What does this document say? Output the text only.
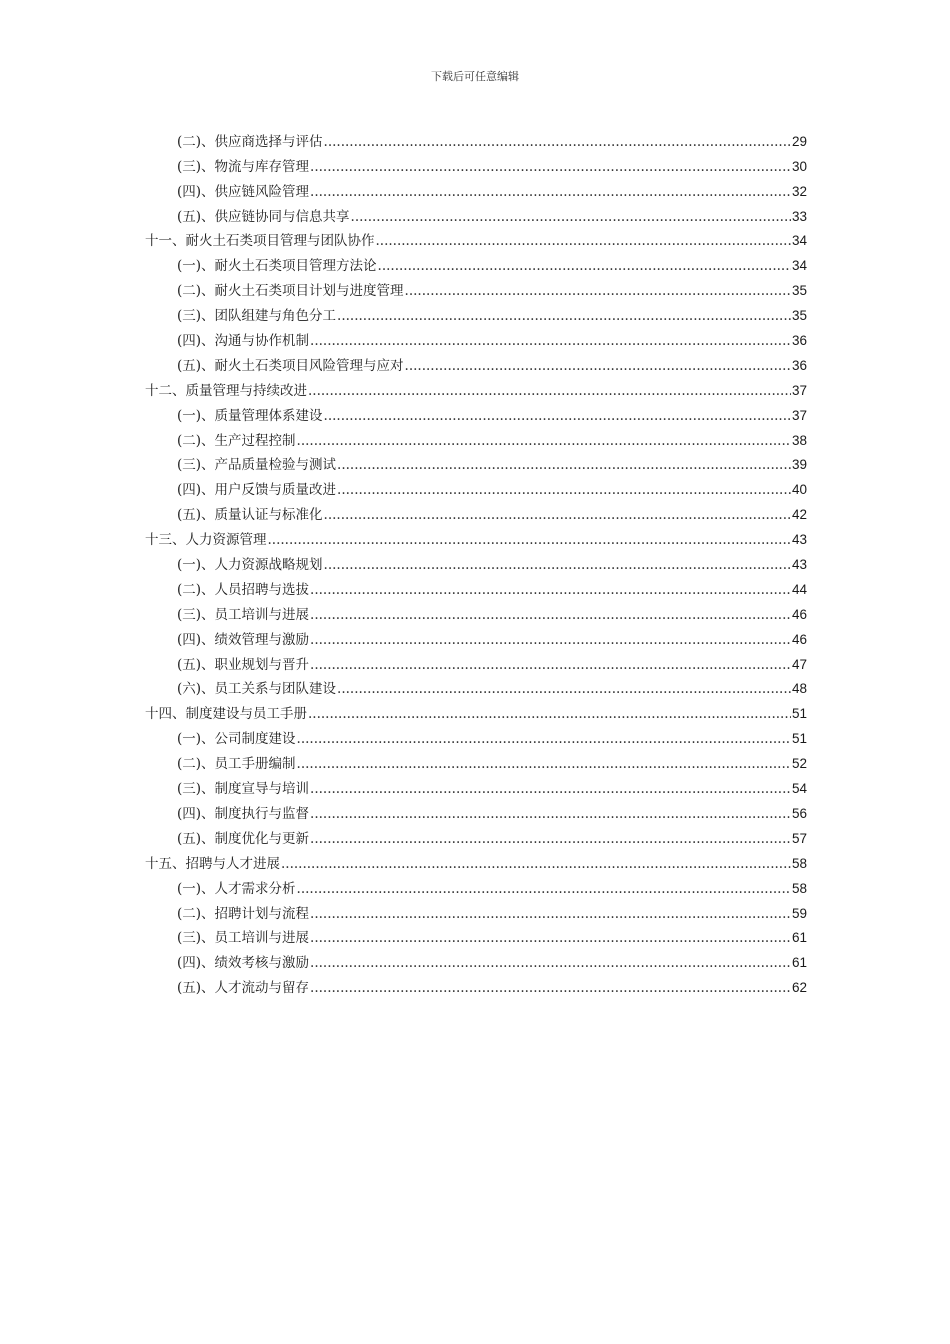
下载后可任意编辑
(二)、供应商选择与评估 .....	29
(三)、物流与库存管理 .....	30
(四)、供应链风险管理 .....	32
(五)、供应链协同与信息共享 .....	33
十一、耐火土石类项目管理与团队协作 .....	34
(一)、耐火土石类项目管理方法论 .....	34
(二)、耐火土石类项目计划与进度管理 .....	35
(三)、团队组建与角色分工 .....	35
(四)、沟通与协作机制 .....	36
(五)、耐火土石类项目风险管理与应对 .....	36
十二、质量管理与持续改进 .....	37
(一)、质量管理体系建设 .....	37
(二)、生产过程控制 .....	38
(三)、产品质量检验与测试 .....	39
(四)、用户反馈与质量改进 .....	40
(五)、质量认证与标准化 .....	42
十三、人力资源管理 .....	43
(一)、人力资源战略规划 .....	43
(二)、人员招聘与选拔 .....	44
(三)、员工培训与进展 .....	46
(四)、绩效管理与激励 .....	46
(五)、职业规划与晋升 .....	47
(六)、员工关系与团队建设 .....	48
十四、制度建设与员工手册 .....	51
(一)、公司制度建设 .....	51
(二)、员工手册编制 .....	52
(三)、制度宣导与培训 .....	54
(四)、制度执行与监督 .....	56
(五)、制度优化与更新 .....	57
十五、招聘与人才进展 .....	58
(一)、人才需求分析 .....	58
(二)、招聘计划与流程 .....	59
(三)、员工培训与进展 .....	61
(四)、绩效考核与激励 .....	61
(五)、人才流动与留存 .....	62
